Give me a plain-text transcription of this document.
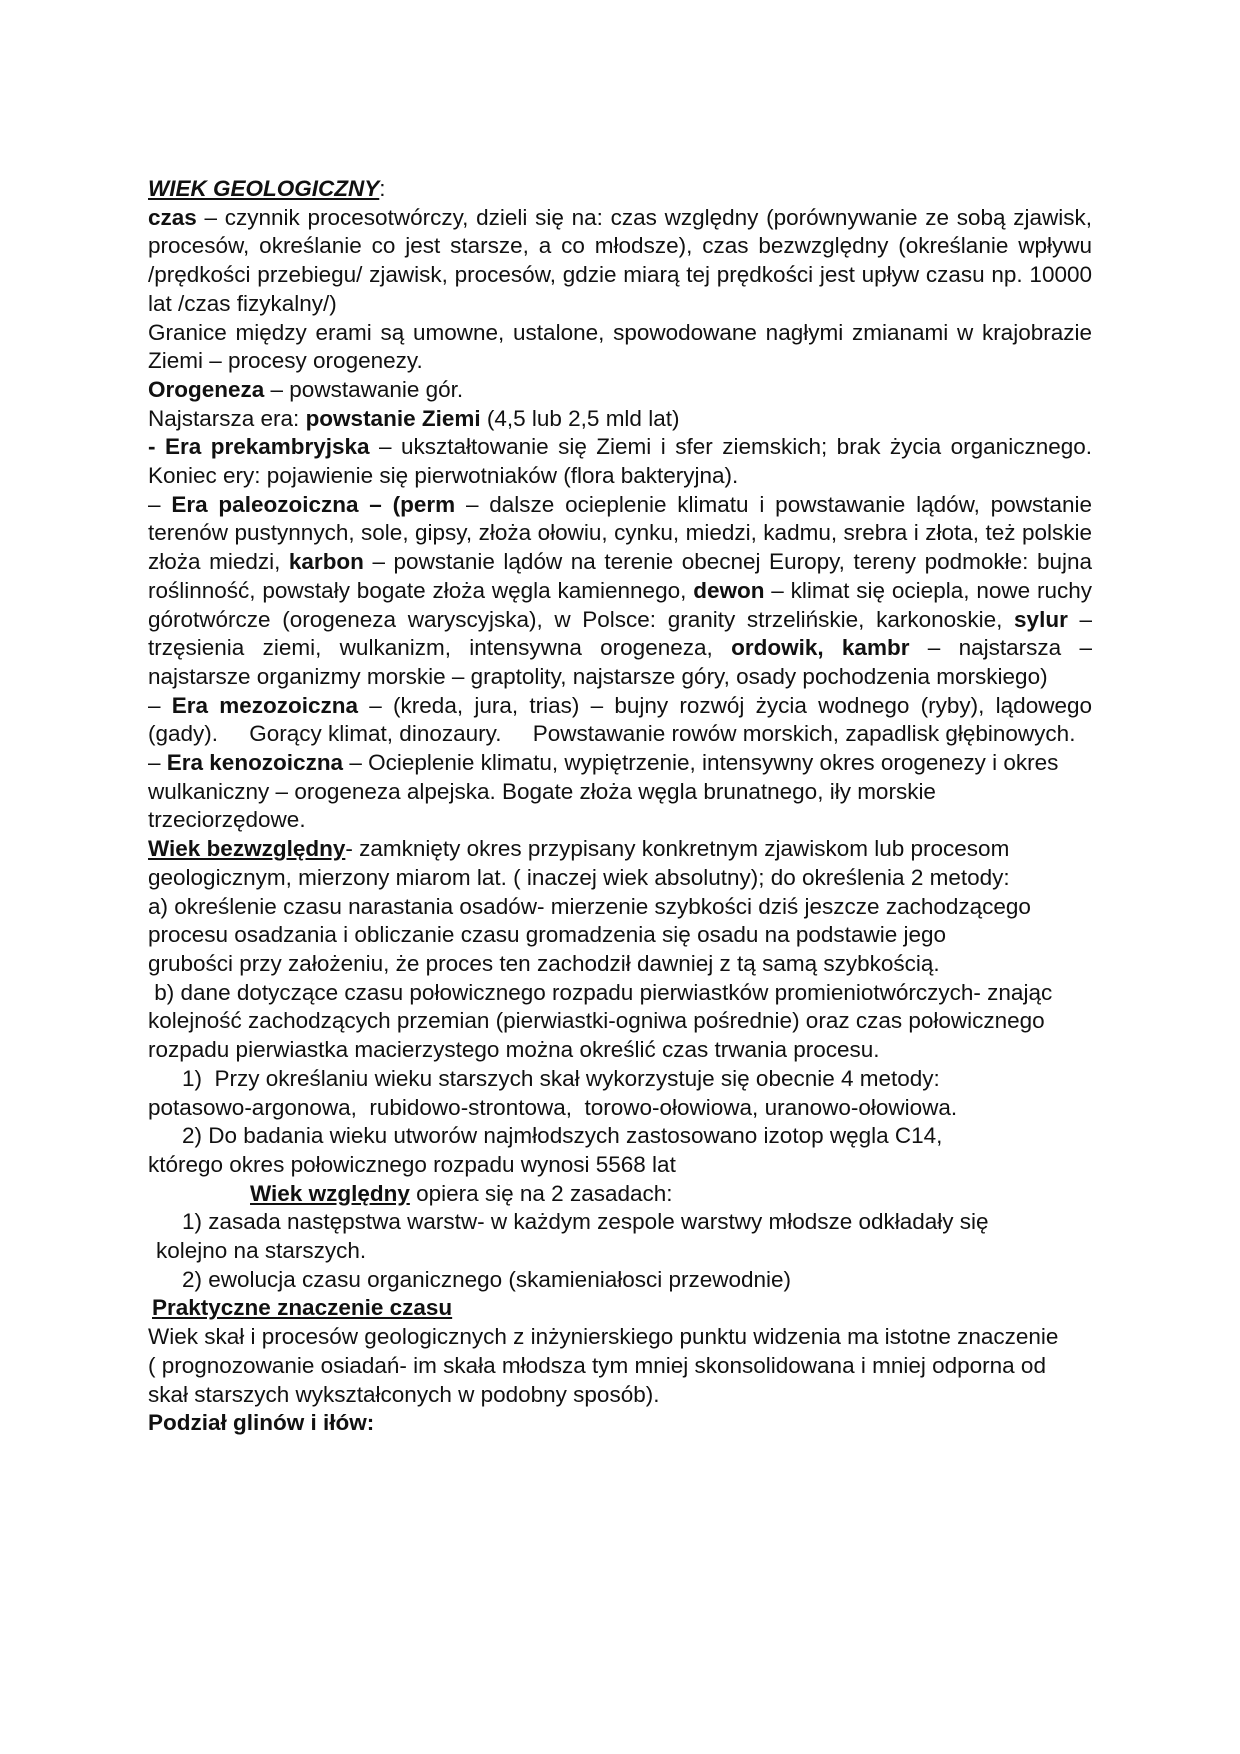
WIEK GEOLOGICZNY:

czas – czynnik procesotwórczy, dzieli się na: czas względny (porównywanie ze sobą zjawisk, procesów, określanie co jest starsze, a co młodsze), czas bezwzględny (określanie wpływu /prędkości przebiegu/ zjawisk, procesów, gdzie miarą tej prędkości jest upływ czasu np. 10000 lat /czas fizykalny/)

Granice między erami są umowne, ustalone, spowodowane nagłymi zmianami w krajobrazie Ziemi – procesy orogenezy.

Orogeneza – powstawanie gór.

Najstarsza era: powstanie Ziemi (4,5 lub 2,5 mld lat)

- Era prekambryjska – ukształtowanie się Ziemi i sfer ziemskich; brak życia organicznego. Koniec ery: pojawienie się pierwotniaków (flora bakteryjna).

– Era paleozoiczna – (perm – dalsze ocieplenie klimatu i powstawanie lądów, powstanie terenów pustynnych, sole, gipsy, złoża ołowiu, cynku, miedzi, kadmu, srebra i złota, też polskie złoża miedzi, karbon – powstanie lądów na terenie obecnej Europy, tereny podmokłe: bujna roślinność, powstały bogate złoża węgla kamiennego, dewon – klimat się ociepla, nowe ruchy górotwórcze (orogeneza waryscyjska), w Polsce: granity strzelińskie, karkonoskie, sylur – trzęsienia ziemi, wulkanizm, intensywna orogeneza, ordowik, kambr – najstarsza – najstarsze organizmy morskie – graptolity, najstarsze góry, osady pochodzenia morskiego)

– Era mezozoiczna – (kreda, jura, trias) – bujny rozwój życia wodnego (ryby), lądowego (gady).     Gorący klimat, dinozaury.     Powstawanie rowów morskich, zapadlisk głębinowych.

– Era kenozoiczna – Ocieplenie klimatu, wypiętrzenie, intensywny okres orogenezy i okres wulkaniczny – orogeneza alpejska. Bogate złoża węgla brunatnego, iły morskie trzeciorzędowe.

Wiek bezwzględny- zamknięty okres przypisany konkretnym zjawiskom lub procesom geologicznym, mierzony miarom lat. ( inaczej wiek absolutny); do określenia 2 metody:

a) określenie czasu narastania osadów- mierzenie szybkości dziś jeszcze zachodzącego procesu osadzania i obliczanie czasu gromadzenia się osadu na podstawie jego grubości przy założeniu, że proces ten zachodził dawniej z tą samą szybkością.

b) dane dotyczące czasu połowicznego rozpadu pierwiastków promieniotwórczych- znając kolejność zachodzących przemian (pierwiastki-ogniwa pośrednie) oraz czas połowicznego rozpadu pierwiastka macierzystego można określić czas trwania procesu.

1)  Przy określaniu wieku starszych skał wykorzystuje się obecnie 4 metody:

potasowo-argonowa,  rubidowo-strontowa,  torowo-ołowiowa, uranowo-ołowiowa.

2) Do badania wieku utworów najmłodszych zastosowano izotop węgla C14,

którego okres połowicznego rozpadu wynosi 5568 lat

Wiek względny opiera się na 2 zasadach:

1) zasada następstwa warstw- w każdym zespole warstwy młodsze odkładały się

kolejno na starszych.

2) ewolucja czasu organicznego (skamieniałosci przewodnie)

Praktyczne znaczenie czasu

Wiek skał i procesów geologicznych z inżynierskiego punktu widzenia ma istotne znaczenie ( prognozowanie osiadań- im skała młodsza tym mniej skonsolidowana i mniej odporna od skał starszych wykształconych w podobny sposób).

Podział glinów i iłów:
